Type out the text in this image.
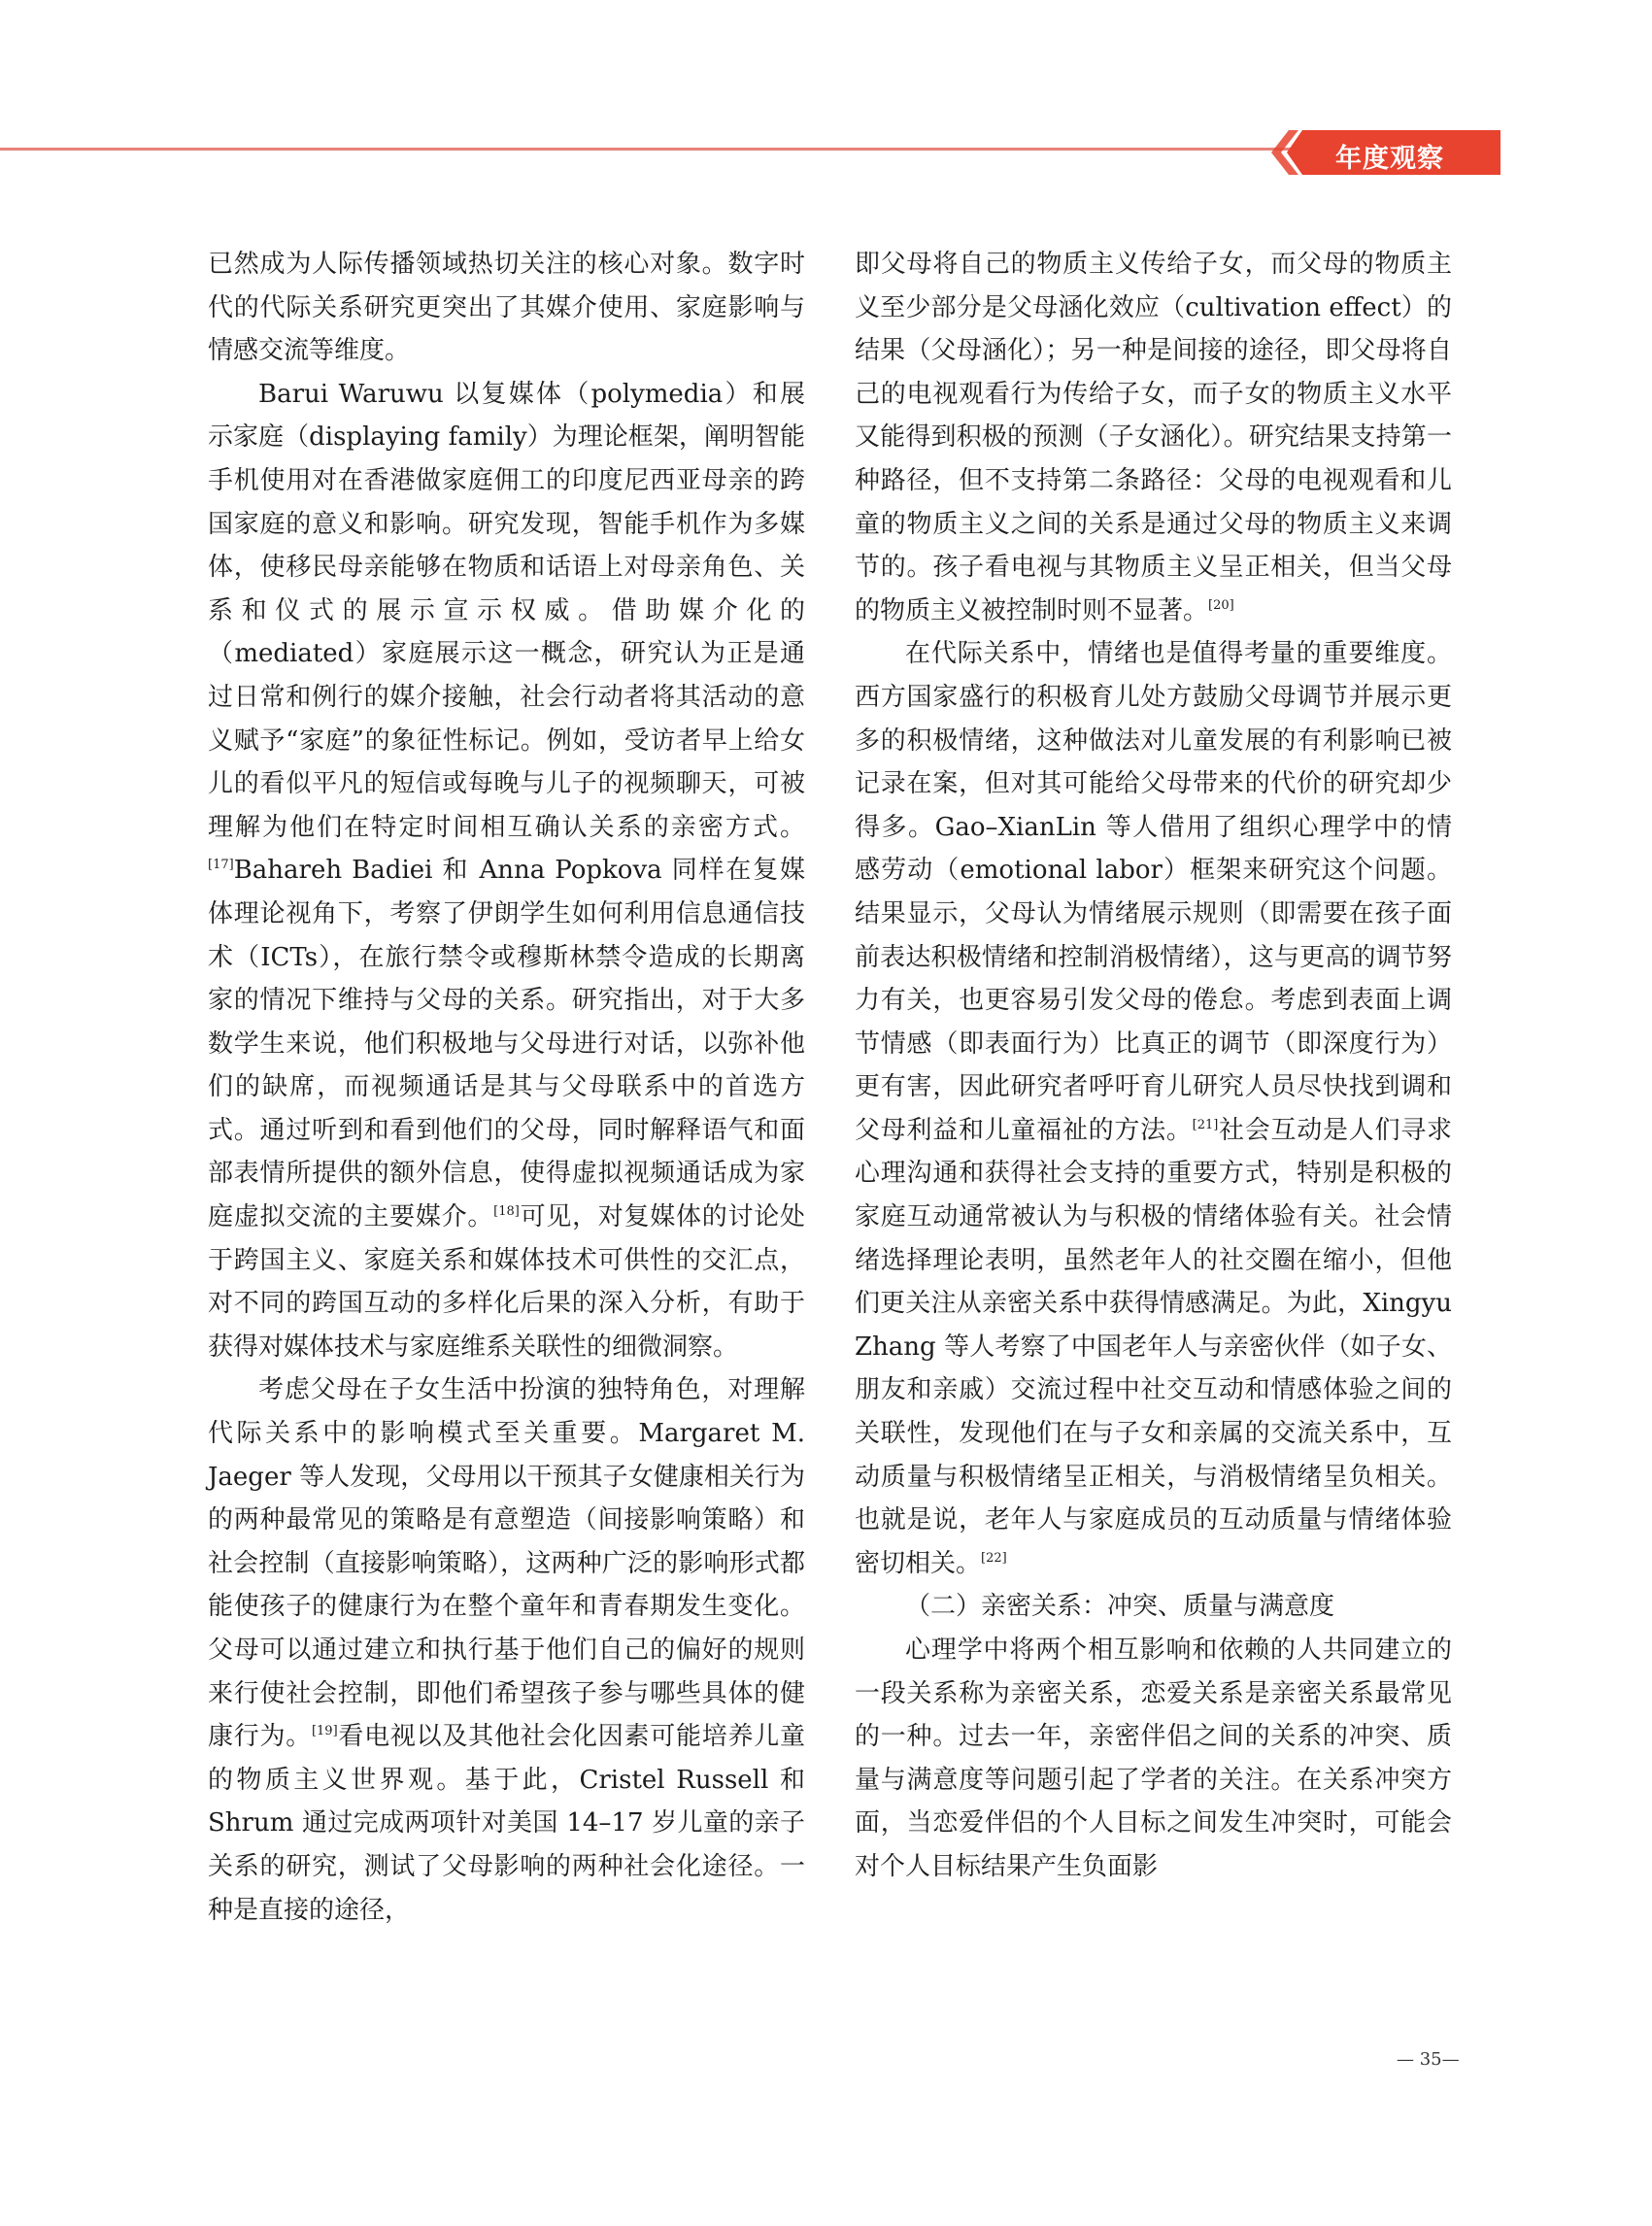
年度观察

已然成为人际传播领域热切关注的核心对象。数字时代的代际关系研究更突出了其媒介使用、家庭影响与情感交流等维度。

Barui Waruwu 以复媒体（polymedia）和展示家庭（displaying family）为理论框架，阐明智能手机使用对在香港做家庭佣工的印度尼西亚母亲的跨国家庭的意义和影响。研究发现，智能手机作为多媒体，使移民母亲能够在物质和话语上对母亲角色、关系和仪式的展示宣示权威。借助媒介化的（mediated）家庭展示这一概念，研究认为正是通过日常和例行的媒介接触，社会行动者将其活动的意义赋予“家庭”的象征性标记。例如，受访者早上给女儿的看似平凡的短信或每晚与儿子的视频聊天，可被理解为他们在特定时间相互确认关系的亲密方式。[17]Bahareh Badiei 和 Anna Popkova 同样在复媒体理论视角下，考察了伊朗学生如何利用信息通信技术（ICTs），在旅行禁令或穆斯林禁令造成的长期离家的情况下维持与父母的关系。研究指出，对于大多数学生来说，他们积极地与父母进行对话，以弥补他们的缺席，而视频通话是其与父母联系中的首选方式。通过听到和看到他们的父母，同时解释语气和面部表情所提供的额外信息，使得虚拟视频通话成为家庭虚拟交流的主要媒介。[18]可见，对复媒体的讨论处于跨国主义、家庭关系和媒体技术可供性的交汇点，对不同的跨国互动的多样化后果的深入分析，有助于获得对媒体技术与家庭维系关联性的细微洞察。

考虑父母在子女生活中扮演的独特角色，对理解代际关系中的影响模式至关重要。Margaret M. Jaeger 等人发现，父母用以干预其子女健康相关行为的两种最常见的策略是有意塑造（间接影响策略）和社会控制（直接影响策略），这两种广泛的影响形式都能使孩子的健康行为在整个童年和青春期发生变化。父母可以通过建立和执行基于他们自己的偏好的规则来行使社会控制，即他们希望孩子参与哪些具体的健康行为。[19]看电视以及其他社会化因素可能培养儿童的物质主义世界观。基于此，Cristel Russell 和 Shrum 通过完成两项针对美国 14–17 岁儿童的亲子关系的研究，测试了父母影响的两种社会化途径。一种是直接的途径，

即父母将自己的物质主义传给子女，而父母的物质主义至少部分是父母涵化效应（cultivation effect）的结果（父母涵化）；另一种是间接的途径，即父母将自己的电视观看行为传给子女，而子女的物质主义水平又能得到积极的预测（子女涵化）。研究结果支持第一种路径，但不支持第二条路径：父母的电视观看和儿童的物质主义之间的关系是通过父母的物质主义来调节的。孩子看电视与其物质主义呈正相关，但当父母的物质主义被控制时则不显著。[20]

在代际关系中，情绪也是值得考量的重要维度。西方国家盛行的积极育儿处方鼓励父母调节并展示更多的积极情绪，这种做法对儿童发展的有利影响已被记录在案，但对其可能给父母带来的代价的研究却少得多。Gao–XianLin 等人借用了组织心理学中的情感劳动（emotional labor）框架来研究这个问题。结果显示，父母认为情绪展示规则（即需要在孩子面前表达积极情绪和控制消极情绪），这与更高的调节努力有关，也更容易引发父母的倦怠。考虑到表面上调节情感（即表面行为）比真正的调节（即深度行为）更有害，因此研究者呼吁育儿研究人员尽快找到调和父母利益和儿童福祉的方法。[21]社会互动是人们寻求心理沟通和获得社会支持的重要方式，特别是积极的家庭互动通常被认为与积极的情绪体验有关。社会情绪选择理论表明，虽然老年人的社交圈在缩小，但他们更关注从亲密关系中获得情感满足。为此，Xingyu Zhang 等人考察了中国老年人与亲密伙伴（如子女、朋友和亲戚）交流过程中社交互动和情感体验之间的关联性，发现他们在与子女和亲属的交流关系中，互动质量与积极情绪呈正相关，与消极情绪呈负相关。也就是说，老年人与家庭成员的互动质量与情绪体验密切相关。[22]

（二）亲密关系：冲突、质量与满意度

心理学中将两个相互影响和依赖的人共同建立的一段关系称为亲密关系，恋爱关系是亲密关系最常见的一种。过去一年，亲密伴侣之间的关系的冲突、质量与满意度等问题引起了学者的关注。在关系冲突方面，当恋爱伴侣的个人目标之间发生冲突时，可能会对个人目标结果产生负面影

— 35—
